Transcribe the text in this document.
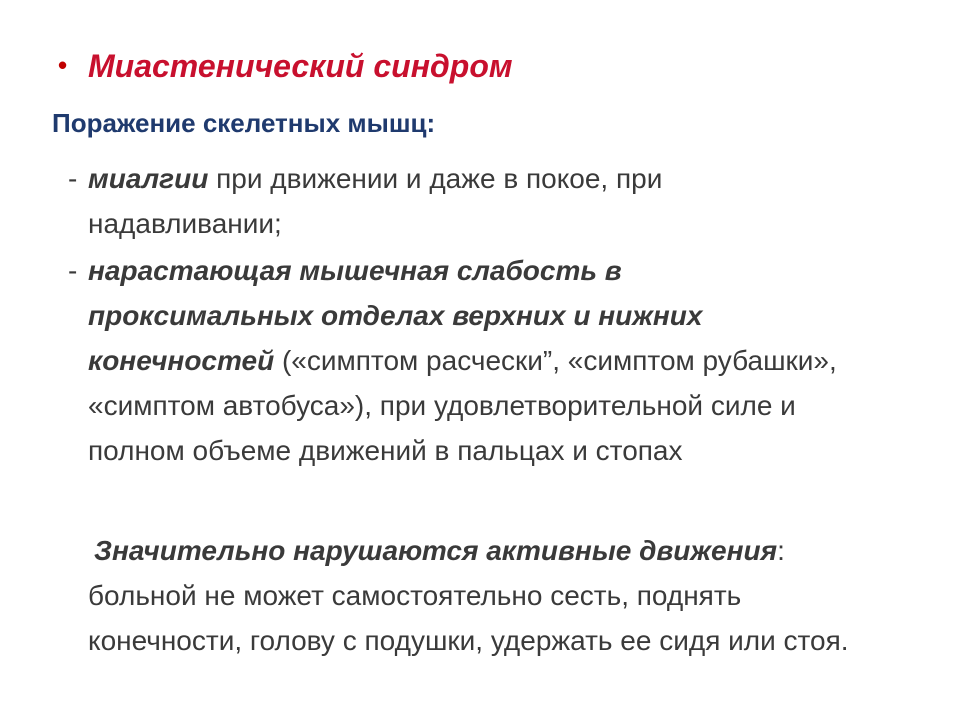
• Миастенический синдром
Поражение скелетных мышц:
- миалгии при движении и даже в покое, при надавливании;
- нарастающая мышечная слабость в проксимальных отделах верхних и нижних конечностей («симптом расчески”, «симптом рубашки», «симптом автобуса»), при удовлетворительной силе и полном объеме движений в пальцах и стопах
Значительно нарушаются активные движения: больной не может самостоятельно сесть, поднять конечности, голову с подушки, удержать ее сидя или стоя.
